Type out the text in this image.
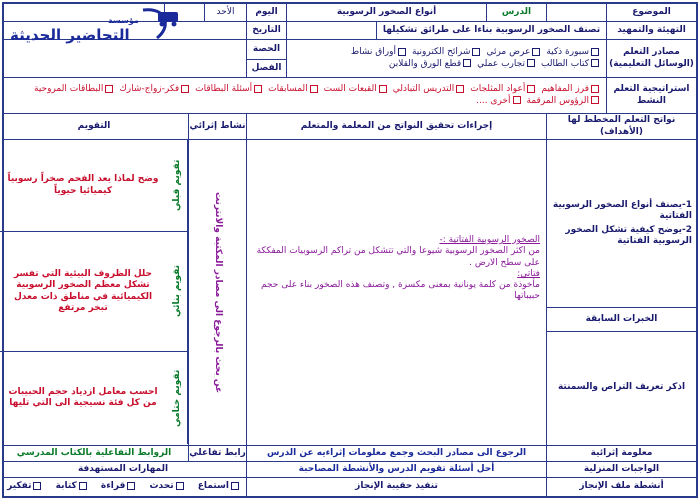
مؤسسة
التحاضير الحديثة
الموضوع
الدرس
أنواع الصخور الرسوبية
اليوم
الأحد
التهيئة والتمهيد
تصنف الصخور الرسوبية بناءا على طرائق تشكيلها
التاريخ
مصادر التعلم (الوسائل التعليمية)
سبورة ذكية
عرض مرئي
شرائح الكترونية
أوراق نشاط
كتاب الطالب
تجارب عملي
قطع الورق والقلابن
الحصة
الفصل
استراتيجية التعلم النشط
فرز المفاهيم
أعواد المثلجات
التدريس التبادلي
القبعات الست
المسابقات
أسئلة البطاقات
فكر-زواج-شارك
البطاقات المروحية
الرؤوس المرقمة
أخرى ....
نواتج التعلم المخطط لها (الأهداف)
إجراءات تحقيق النواتج من المعلمة والمتعلم
نشاط إثرائي
التقويم
1-يصنف أنواع الصخور الرسوبية الفتاتية
2-يوضح كيفية تشكل الصخور الرسوبية الفتاتية
الخبرات السابقة
اذكر تعريف التراص والسمنتة
الصخور الرسوبية الفتاتية :-
من اكثر الصخور الرسوبية شيوعا والتي تتشكل من تراكم الرسوبيات المفككة على سطح الارض .
فتاتي:
مأخوذة من كلمة يونانية بمعنى مكسرة , وتصنف هذه الصخور بناء على حجم حبيباتها
عن بحث بالرجوع الى مصادر المكتبة والانترنت
تقويم قبلي
وضح لماذا يعد الفحم صخراً رسوبياً كيميائيا حيوياً
تقويم بنائي
حلل الظروف البيئية التي تفسر تشكل معظم الصخور الرسوبية الكيميائية في مناطق ذات معدل تبخر مرتفع
تقويم ختامي
احسب معامل ازدياد حجم الحبيبات من كل فئة نسيجية الى التي تليها
معلومة إثرائية
الرجوع الى مصادر البحث وجمع معلومات إثراءيه عن الدرس
رابط تفاعلي
الروابط التفاعلية بالكتاب المدرسي
الواجبات المنزلية
أحل أسئلة تقويم الدرس والأنشطة المصاحبة
المهارات المستهدفة
أنشطة ملف الإنجاز
تنفيذ حقيبة الإنجاز
استماع
تحدث
قراءة
كتابة
تفكير
